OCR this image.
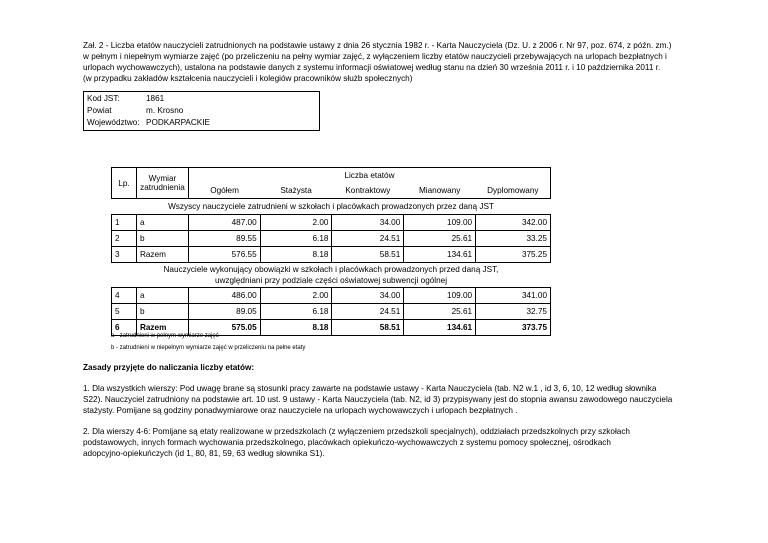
Zał. 2 - Liczba etatów nauczycieli zatrudnionych na podstawie ustawy z dnia 26 stycznia 1982 r. - Karta Nauczyciela (Dz. U. z 2006 r. Nr 97, poz. 674, z późn. zm.)
w pełnym i niepełnym wymiarze zajęć (po przeliczeniu na pełny wymiar zajęć, z wyłączeniem liczby etatów nauczycieli przebywających na urlopach bezpłatnych i
urlopach wychowawczych), ustalona na podstawie danych z systemu informacji oświatowej według stanu na dzień 30 września 2011 r. i 10 października 2011 r.
(w przypadku zakładów kształcenia nauczycieli i kolegiów pracowników służb społecznych)
Kod JST:	1861
Powiat	m. Krosno
Województwo: PODKARPACKIE
Lp.	Wymiar zatrudnienia	Liczba etatów				
		Ogółem	Stażysta	Kontraktowy	Mianowany	Dyplomowany
Wszyscy nauczyciele zatrudnieni w szkołach i placówkach prowadzonych przez daną JST						
1	a	487.00	2.00	34.00	109.00	342.00
2	b	89.55	6.18	24.51	25.61	33.25
3	Razem	576.55	8.18	58.51	134.61	375.25

Nauczyciele wykonujący obowiązki w szkołach i placówkach prowadzonych przed daną JST,
uwzględniani przy podziale części oświatowej subwencji ogólnej						

4	a	486.00	2.00	34.00	109.00	341.00
5	b	89.05	6.18	24.51	25.61	32.75
6	Razem	575.05	8.18	58.51	134.61	373.75
a - zatrudnieni w pełnym wymiarze zajęć
b - zatrudnieni w niepełnym wymiarze zajęć w przeliczeniu na pełne etaty
Zasady przyjęte do naliczania liczby etatów:
1. Dla wszystkich wierszy: Pod uwagę brane są stosunki pracy zawarte na podstawie ustawy - Karta Nauczyciela (tab. N2 w.1 , id 3, 6, 10, 12 według słownika
S22). Nauczyciel zatrudniony na podstawie art. 10 ust. 9 ustawy - Karta Nauczyciela (tab. N2, id 3) przypisywany jest do stopnia awansu zawodowego nauczyciela
stażysty. Pomijane są godziny ponadwymiarowe oraz nauczyciele na urlopach wychowawczych i urlopach bezpłatnych .
2. Dla wierszy 4-6: Pomijane są etaty realizowane w przedszkolach (z wyłączeniem przedszkoli specjalnych), oddziałach przedszkolnych przy szkołach
podstawowych, innych formach wychowania przedszkolnego, placówkach opiekuńczo-wychowawczych z systemu pomocy społecznej, ośrodkach
adopcyjno-opiekuńczych (id 1, 80, 81, 59, 63 według słownika S1).
